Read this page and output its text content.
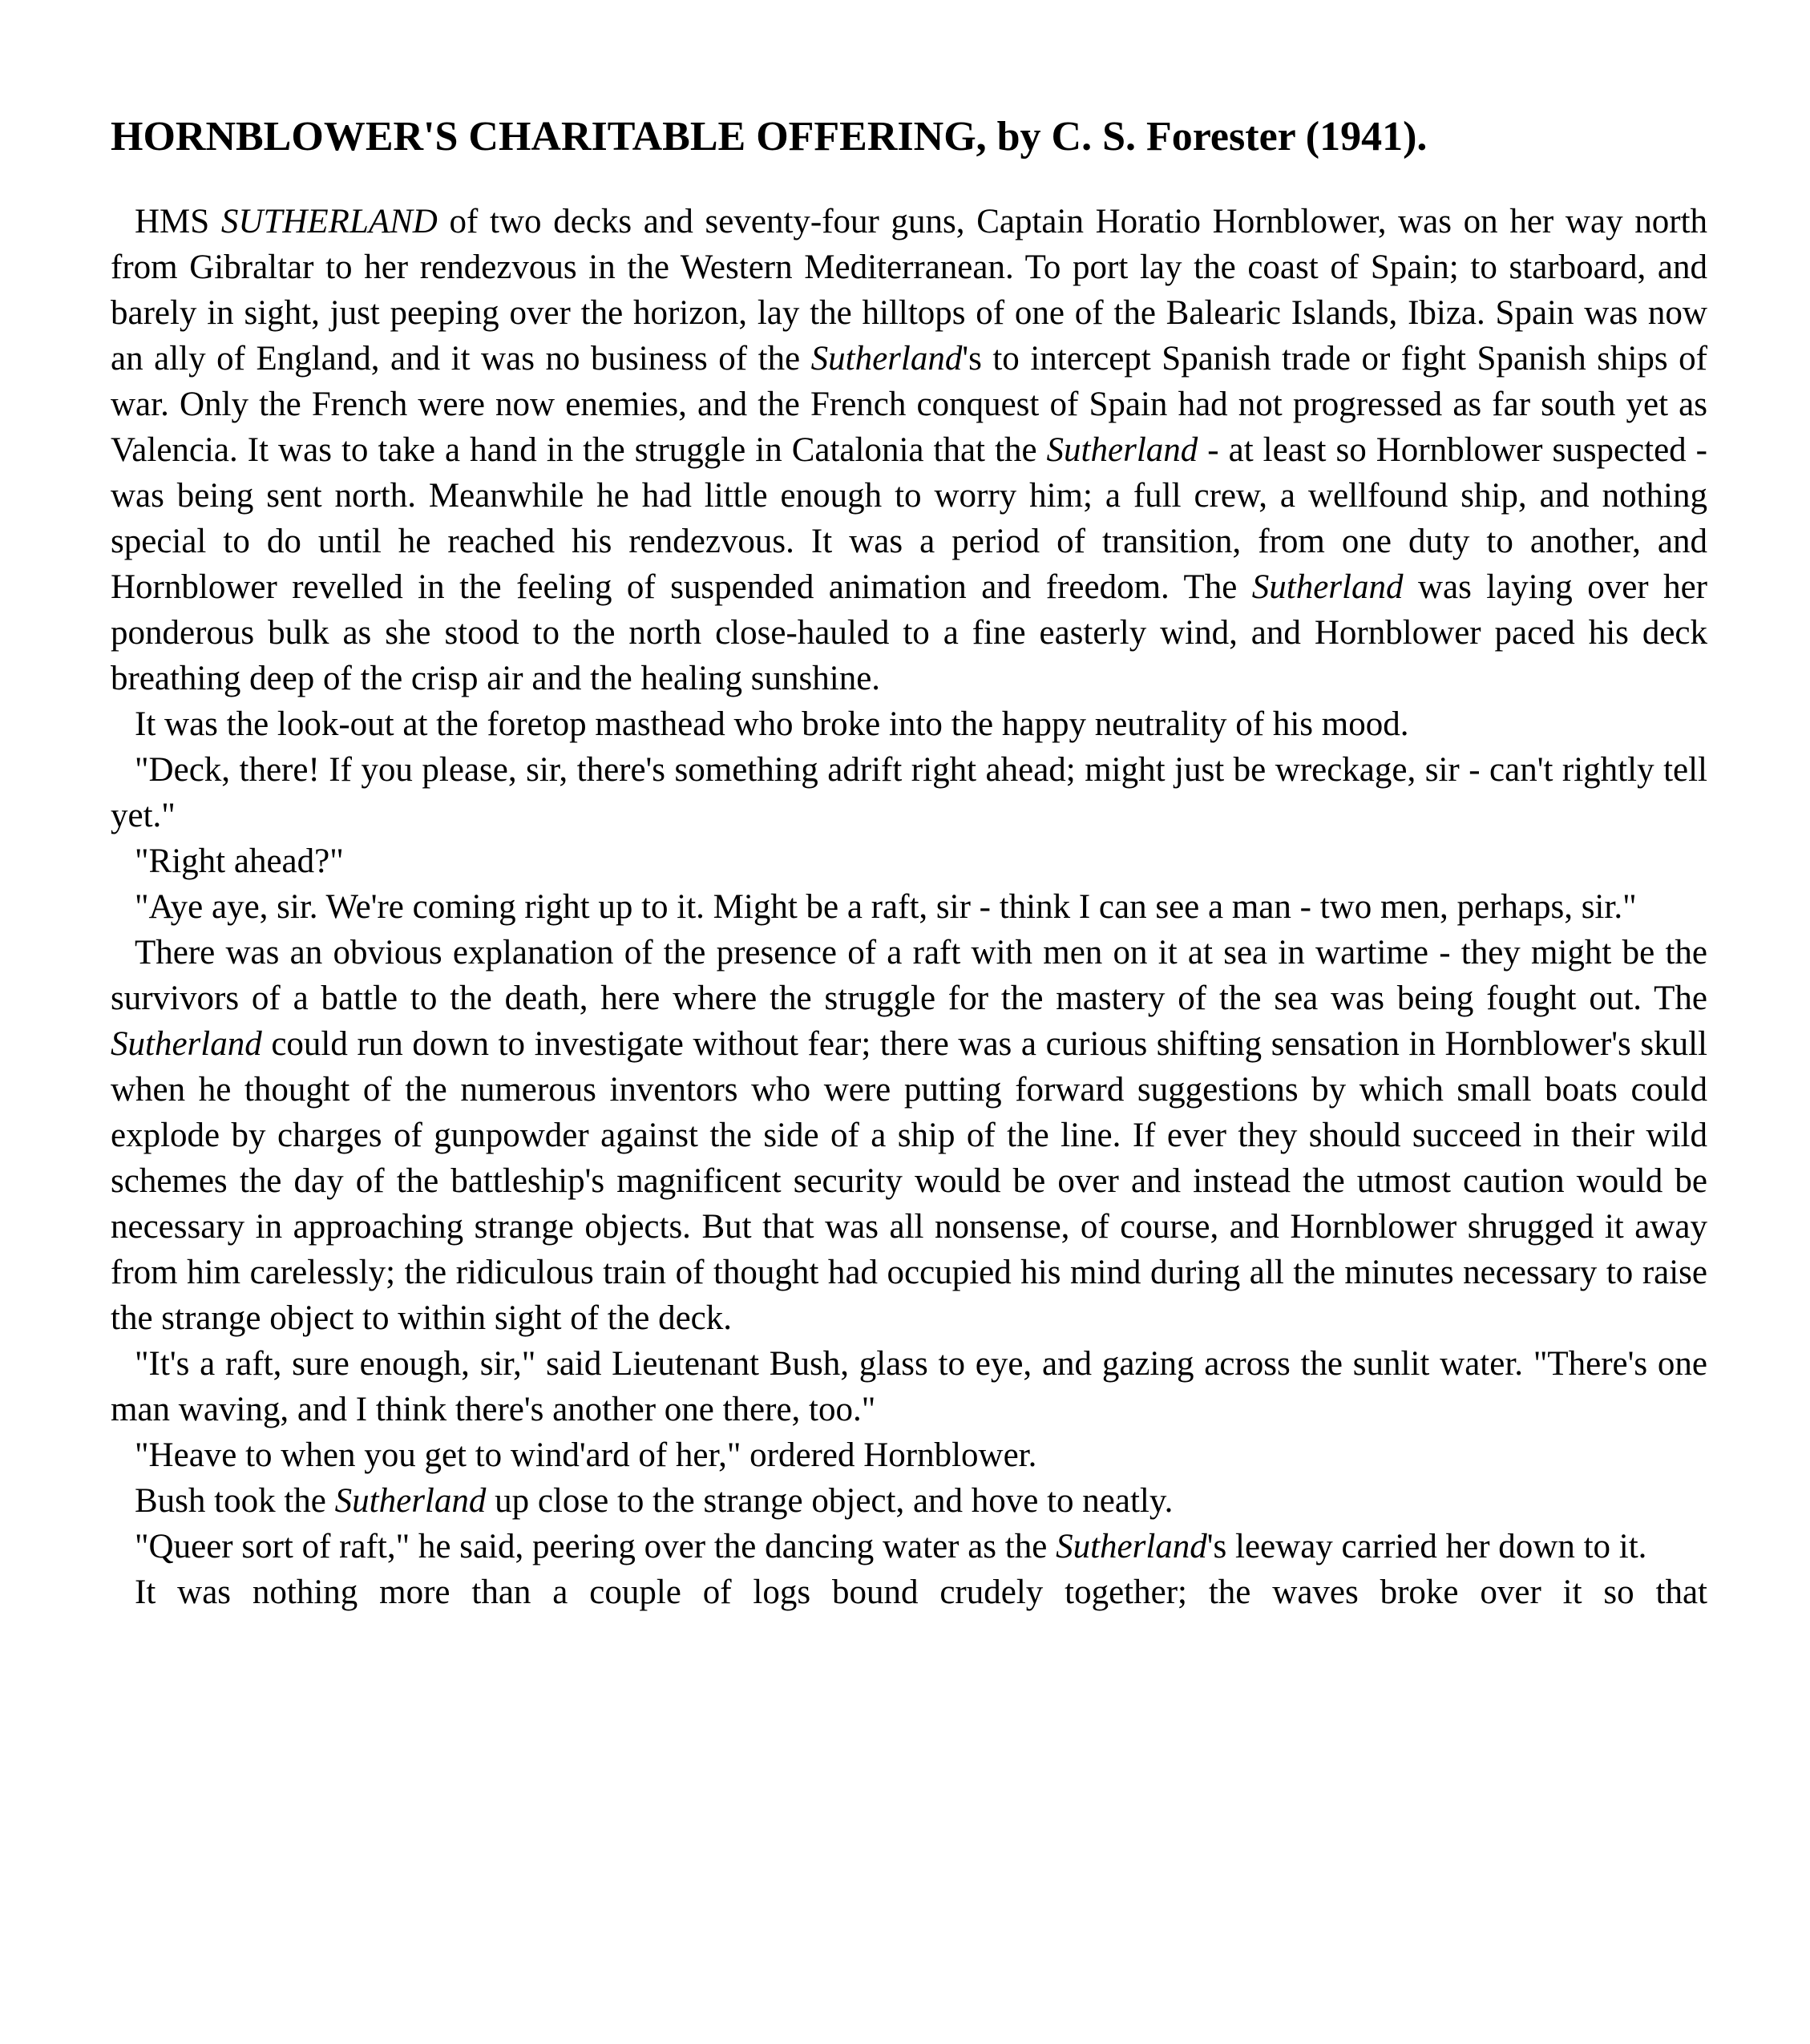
HORNBLOWER'S CHARITABLE OFFERING, by C. S. Forester (1941).

HMS SUTHERLAND of two decks and seventy-four guns, Captain Horatio Hornblower, was on her way north from Gibraltar to her rendezvous in the Western Mediterranean. To port lay the coast of Spain; to starboard, and barely in sight, just peeping over the horizon, lay the hilltops of one of the Balearic Islands, Ibiza. Spain was now an ally of England, and it was no business of the Sutherland's to intercept Spanish trade or fight Spanish ships of war. Only the French were now enemies, and the French conquest of Spain had not progressed as far south yet as Valencia. It was to take a hand in the struggle in Catalonia that the Sutherland - at least so Hornblower suspected - was being sent north. Meanwhile he had little enough to worry him; a full crew, a wellfound ship, and nothing special to do until he reached his rendezvous. It was a period of transition, from one duty to another, and Hornblower revelled in the feeling of suspended animation and freedom. The Sutherland was laying over her ponderous bulk as she stood to the north close-hauled to a fine easterly wind, and Hornblower paced his deck breathing deep of the crisp air and the healing sunshine.

It was the look-out at the foretop masthead who broke into the happy neutrality of his mood.

"Deck, there! If you please, sir, there's something adrift right ahead; might just be wreckage, sir - can't rightly tell yet."

"Right ahead?"

"Aye aye, sir. We're coming right up to it. Might be a raft, sir - think I can see a man - two men, perhaps, sir."

There was an obvious explanation of the presence of a raft with men on it at sea in wartime - they might be the survivors of a battle to the death, here where the struggle for the mastery of the sea was being fought out. The Sutherland could run down to investigate without fear; there was a curious shifting sensation in Hornblower's skull when he thought of the numerous inventors who were putting forward suggestions by which small boats could explode by charges of gunpowder against the side of a ship of the line. If ever they should succeed in their wild schemes the day of the battleship's magnificent security would be over and instead the utmost caution would be necessary in approaching strange objects. But that was all nonsense, of course, and Hornblower shrugged it away from him carelessly; the ridiculous train of thought had occupied his mind during all the minutes necessary to raise the strange object to within sight of the deck.

"It's a raft, sure enough, sir," said Lieutenant Bush, glass to eye, and gazing across the sunlit water. "There's one man waving, and I think there's another one there, too."

"Heave to when you get to wind'ard of her," ordered Hornblower.

Bush took the Sutherland up close to the strange object, and hove to neatly.

"Queer sort of raft," he said, peering over the dancing water as the Sutherland's leeway carried her down to it.

It was nothing more than a couple of logs bound crudely together; the waves broke over it so that
